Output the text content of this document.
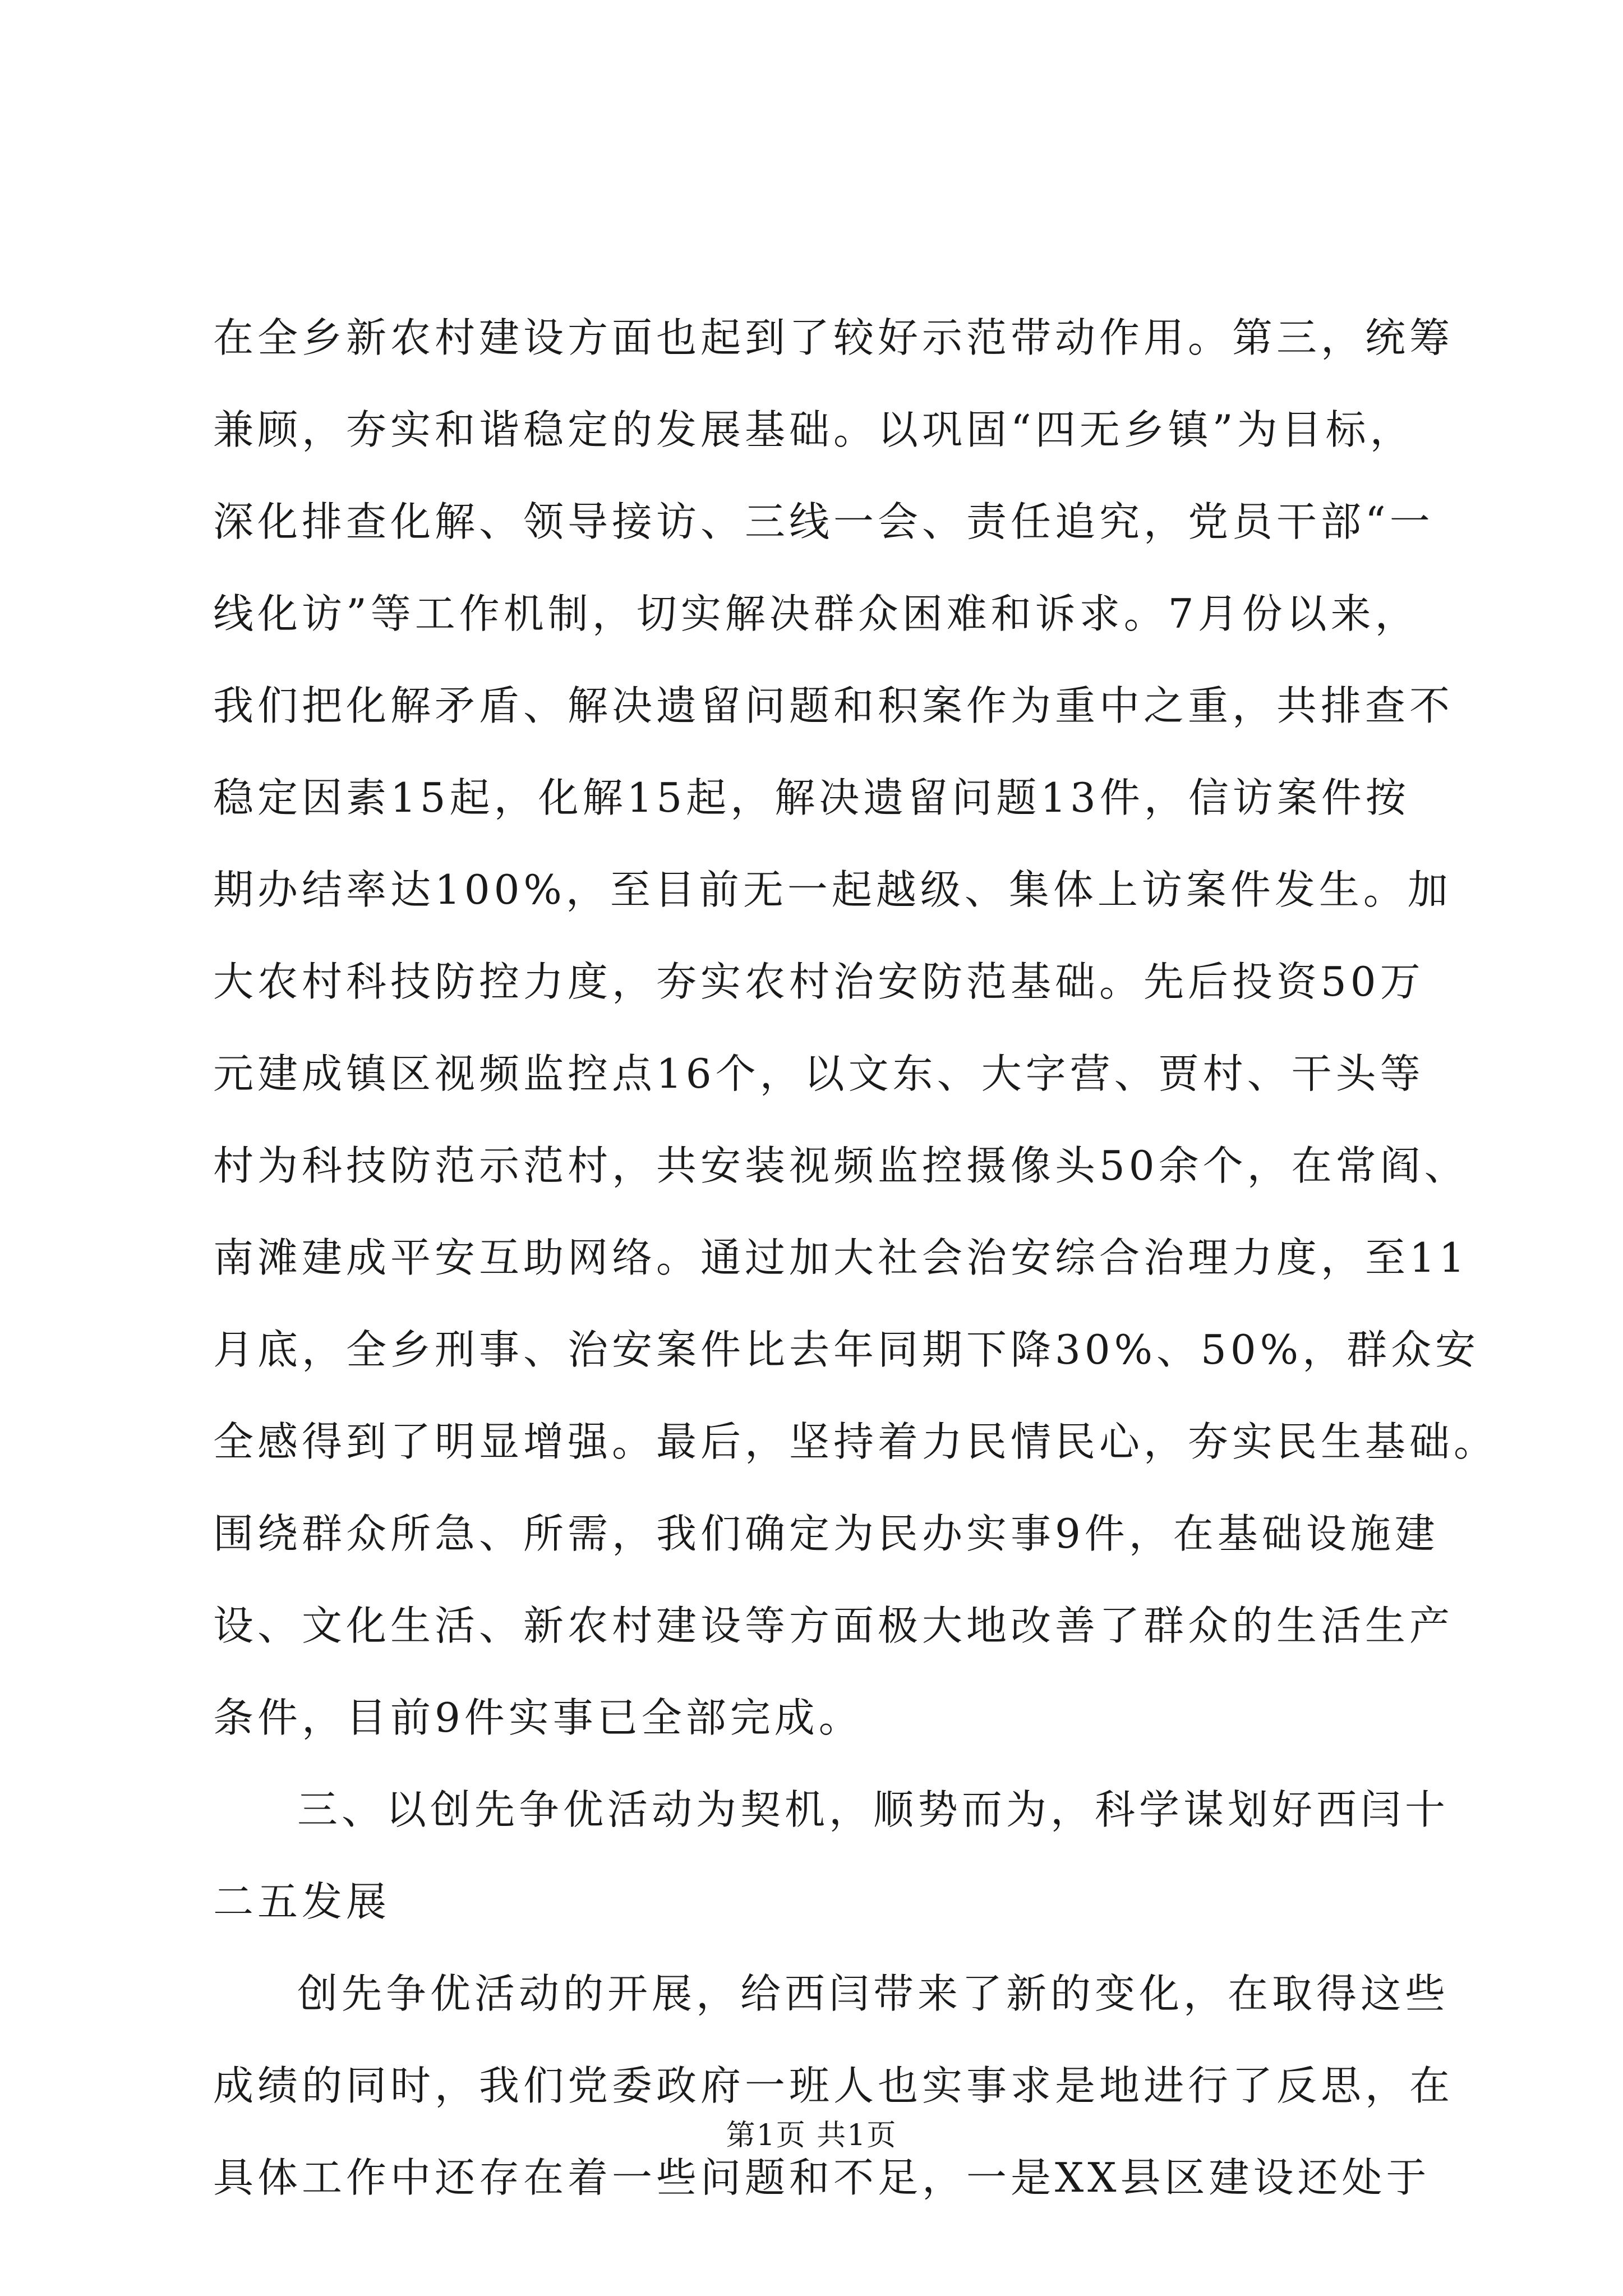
在全乡新农村建设方面也起到了较好示范带动作用。第三，统筹
兼顾，夯实和谐稳定的发展基础。以巩固“四无乡镇”为目标，
深化排查化解、领导接访、三线一会、责任追究，党员干部“一
线化访”等工作机制，切实解决群众困难和诉求。7月份以来，
我们把化解矛盾、解决遗留问题和积案作为重中之重，共排查不
稳定因素15起，化解15起，解决遗留问题13件，信访案件按
期办结率达100%，至目前无一起越级、集体上访案件发生。加
大农村科技防控力度，夯实农村治安防范基础。先后投资50万
元建成镇区视频监控点16个，以文东、大字营、贾村、干头等
村为科技防范示范村，共安装视频监控摄像头50余个，在常阎、
南滩建成平安互助网络。通过加大社会治安综合治理力度，至11
月底，全乡刑事、治安案件比去年同期下降30%、50%，群众安
全感得到了明显增强。最后，坚持着力民情民心，夯实民生基础。
围绕群众所急、所需，我们确定为民办实事9件，在基础设施建
设、文化生活、新农村建设等方面极大地改善了群众的生活生产
条件，目前9件实事已全部完成。
三、以创先争优活动为契机，顺势而为，科学谋划好西闫十
二五发展
创先争优活动的开展，给西闫带来了新的变化，在取得这些
成绩的同时，我们党委政府一班人也实事求是地进行了反思，在
具体工作中还存在着一些问题和不足，一是XX县区建设还处于
第1页 共1页
